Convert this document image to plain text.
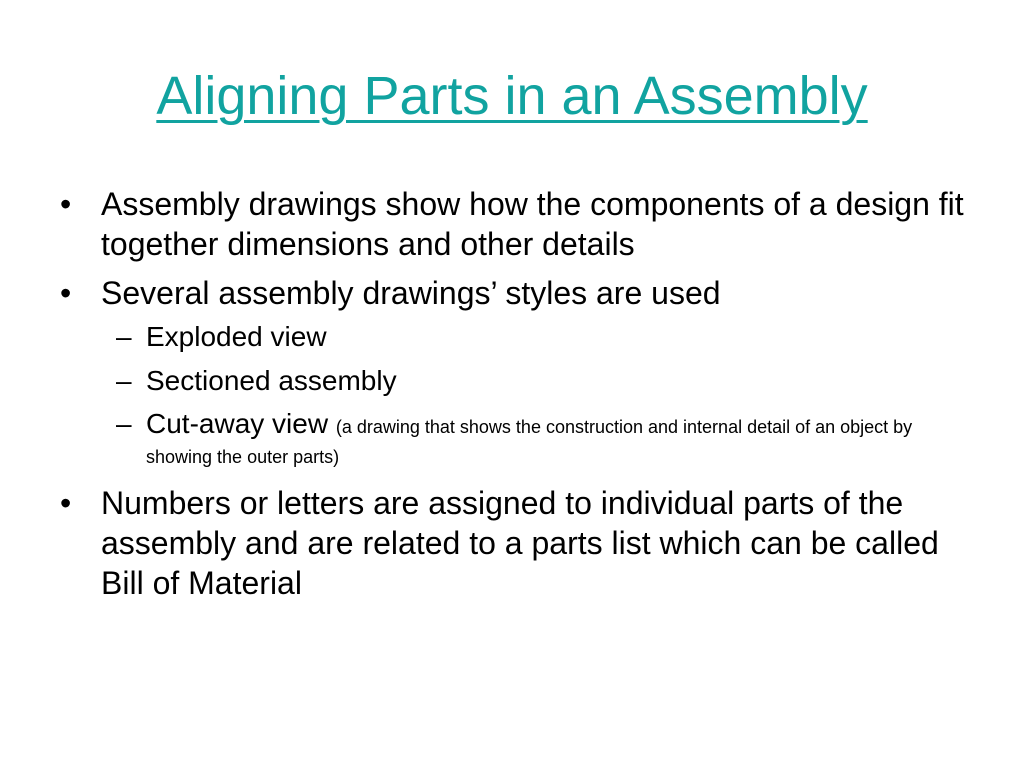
Aligning Parts in an Assembly
• Assembly drawings show how the components of a design fit together dimensions and other details
• Several assembly drawings’ styles are used
– Exploded view
– Sectioned assembly
– Cut-away view (a drawing that shows the construction and internal detail of an object by showing the outer parts)
• Numbers or letters are assigned to individual parts of the assembly and are related to a parts list which can be called Bill of Material
